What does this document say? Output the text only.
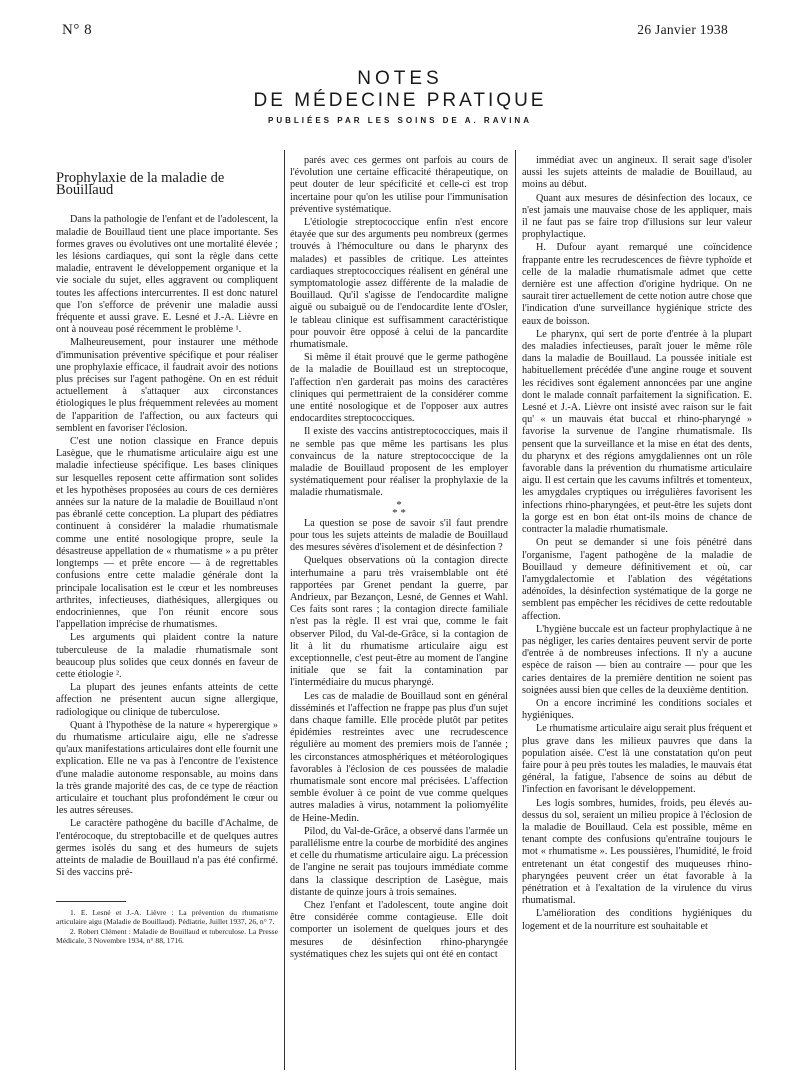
N° 8	26 Janvier 1938
NOTES
DE MÉDECINE PRATIQUE
PUBLIÉES PAR LES SOINS DE A. RAVINA
Prophylaxie de la maladie de Bouillaud

Dans la pathologie de l'enfant et de l'adolescent, la maladie de Bouillaud tient une place importante. Ses formes graves ou évolutives ont une mortalité élevée ; les lésions cardiaques, qui sont la règle dans cette maladie, entravent le développement organique et la vie sociale du sujet, elles aggravent ou compliquent toutes les affections intercurrentes. Il est donc naturel que l'on s'efforce de prévenir une maladie aussi fréquente et aussi grave. E. Lesné et J.-A. Lièvre en ont à nouveau posé récemment le problème ¹.

Malheureusement, pour instaurer une méthode d'immunisation préventive spécifique et pour réaliser une prophylaxie efficace, il faudrait avoir des notions plus précises sur l'agent pathogène. On en est réduit actuellement à s'attaquer aux circonstances étiologiques le plus fréquemment relevées au moment de l'apparition de l'affection, ou aux facteurs qui semblent en favoriser l'éclosion.

C'est une notion classique en France depuis Lasègue, que le rhumatisme articulaire aigu est une maladie infectieuse spécifique. Les bases cliniques sur lesquelles reposent cette affirmation sont solides et les hypothèses proposées au cours de ces dernières années sur la nature de la maladie de Bouillaud n'ont pas ébranlé cette conception. La plupart des pédiatres continuent à considérer la maladie rhumatismale comme une entité nosologique propre, seule la désastreuse appellation de « rhumatisme » a pu prêter longtemps — et prête encore — à de regrettables confusions entre cette maladie générale dont la principale localisation est le cœur et les nombreuses arthrites, infectieuses, diathésiques, allergiques ou endocriniennes, que l'on réunit encore sous l'appellation imprécise de rhumatismes.

Les arguments qui plaident contre la nature tuberculeuse de la maladie rhumatismale sont beaucoup plus solides que ceux donnés en faveur de cette étiologie ².

La plupart des jeunes enfants atteints de cette affection ne présentent aucun signe allergique, radiologique ou clinique de tuberculose.

Quant à l'hypothèse de la nature « hyperergique » du rhumatisme articulaire aigu, elle ne s'adresse qu'aux manifestations articulaires dont elle fournit une explication. Elle ne va pas à l'encontre de l'existence d'une maladie autonome responsable, au moins dans la très grande majorité des cas, de ce type de réaction articulaire et touchant plus profondément le cœur ou les autres séreuses.

Le caractère pathogène du bacille d'Achalme, de l'entérocoque, du streptobacille et de quelques autres germes isolés du sang et des humeurs de sujets atteints de maladie de Bouillaud n'a pas été confirmé. Si des vaccins pré-

1. E. Lesné et J.-A. Lièvre : La prévention du rhumatisme articulaire aigu (Maladie de Bouillaud). Pédiatrie, Juillet 1937, 26, n° 7.

2. Robert Clément : Maladie de Bouillaud et tuberculose. La Presse Médicale, 3 Novembre 1934, n° 88, 1716.

parés avec ces germes ont parfois au cours de l'évolution une certaine efficacité thérapeutique, on peut douter de leur spécificité et celle-ci est trop incertaine pour qu'on les utilise pour l'immunisation préventive systématique.

L'étiologie streptococcique enfin n'est encore étayée que sur des arguments peu nombreux (germes trouvés à l'hémoculture ou dans le pharynx des malades) et passibles de critique. Les atteintes cardiaques streptococciques réalisent en général une symptomatologie assez différente de la maladie de Bouillaud. Qu'il s'agisse de l'endocardite maligne aiguë ou subaiguë ou de l'endocardite lente d'Osler, le tableau clinique est suffisamment caractéristique pour pouvoir être opposé à celui de la pancardite rhumatismale.

Si même il était prouvé que le germe pathogène de la maladie de Bouillaud est un streptocoque, l'affection n'en garderait pas moins des caractères cliniques qui permettraient de la considérer comme une entité nosologique et de l'opposer aux autres endocardites streptococciques.

Il existe des vaccins antistreptococciques, mais il ne semble pas que même les partisans les plus convaincus de la nature streptococcique de la maladie de Bouillaud proposent de les employer systématiquement pour réaliser la prophylaxie de la maladie rhumatismale.

*
* *

La question se pose de savoir s'il faut prendre pour tous les sujets atteints de maladie de Bouillaud des mesures sévères d'isolement et de désinfection ?

Quelques observations où la contagion directe interhumaine a paru très vraisemblable ont été rapportées par Grenet pendant la guerre, par Andrieux, par Bezançon, Lesné, de Gennes et Wahl. Ces faits sont rares ; la contagion directe familiale n'est pas la règle. Il est vrai que, comme le fait observer Pilod, du Val-de-Grâce, si la contagion de lit à lit du rhumatisme articulaire aigu est exceptionnelle, c'est peut-être au moment de l'angine initiale que se fait la contamination par l'intermédiaire du mucus pharyngé.

Les cas de maladie de Bouillaud sont en général disséminés et l'affection ne frappe pas plus d'un sujet dans chaque famille. Elle procède plutôt par petites épidémies restreintes avec une recrudescence régulière au moment des premiers mois de l'année ; les circonstances atmosphériques et météorologiques favorables à l'éclosion de ces poussées de maladie rhumatismale sont encore mal précisées. L'affection semble évoluer à ce point de vue comme quelques autres maladies à virus, notamment la poliomyélite de Heine-Medin.

Pilod, du Val-de-Grâce, a observé dans l'armée un parallélisme entre la courbe de morbidité des angines et celle du rhumatisme articulaire aigu. La précession de l'angine ne serait pas toujours immédiate comme dans la classique description de Lasègue, mais distante de quinze jours à trois semaines.

Chez l'enfant et l'adolescent, toute angine doit être considérée comme contagieuse. Elle doit comporter un isolement de quelques jours et des mesures de désinfection rhino-pharyngée systématiques chez les sujets qui ont été en contact

immédiat avec un angineux. Il serait sage d'isoler aussi les sujets atteints de maladie de Bouillaud, au moins au début.

Quant aux mesures de désinfection des locaux, ce n'est jamais une mauvaise chose de les appliquer, mais il ne faut pas se faire trop d'illusions sur leur valeur prophylactique.

H. Dufour ayant remarqué une coïncidence frappante entre les recrudescences de fièvre typhoïde et celle de la maladie rhumatismale admet que cette dernière est une affection d'origine hydrique. On ne saurait tirer actuellement de cette notion autre chose que l'indication d'une surveillance hygiénique stricte des eaux de boisson.

Le pharynx, qui sert de porte d'entrée à la plupart des maladies infectieuses, paraît jouer le même rôle dans la maladie de Bouillaud. La poussée initiale est habituellement précédée d'une angine rouge et souvent les récidives sont également annoncées par une angine dont le malade connaît parfaitement la signification. E. Lesné et J.-A. Lièvre ont insisté avec raison sur le fait qu' « un mauvais état buccal et rhino-pharyngé » favorise la survenue de l'angine rhumatismale. Ils pensent que la surveillance et la mise en état des dents, du pharynx et des régions amygdaliennes ont un rôle favorable dans la prévention du rhumatisme articulaire aigu. Il est certain que les cavums infiltrés et tomenteux, les amygdales cryptiques ou irrégulières favorisent les infections rhino-pharyngées, et peut-être les sujets dont la gorge est en bon état ont-ils moins de chance de contracter la maladie rhumatismale.

On peut se demander si une fois pénétré dans l'organisme, l'agent pathogène de la maladie de Bouillaud y demeure définitivement et où, car l'amygdalectomie et l'ablation des végétations adénoïdes, la désinfection systématique de la gorge ne semblent pas empêcher les récidives de cette redoutable affection.

L'hygiène buccale est un facteur prophylactique à ne pas négliger, les caries dentaires peuvent servir de porte d'entrée à de nombreuses infections. Il n'y a aucune espèce de raison — bien au contraire — pour que les caries dentaires de la première dentition ne soient pas soignées aussi bien que celles de la deuxième dentition.

On a encore incriminé les conditions sociales et hygiéniques.

Le rhumatisme articulaire aigu serait plus fréquent et plus grave dans les milieux pauvres que dans la population aisée. C'est là une constatation qu'on peut faire pour à peu près toutes les maladies, le mauvais état général, la fatigue, l'absence de soins au début de l'infection en favorisant le développement.

Les logis sombres, humides, froids, peu élevés au-dessus du sol, seraient un milieu propice à l'éclosion de la maladie de Bouillaud. Cela est possible, même en tenant compte des confusions qu'entraîne toujours le mot « rhumatisme ». Les poussières, l'humidité, le froid entretenant un état congestif des muqueuses rhino-pharyngées peuvent créer un état favorable à la pénétration et à l'exaltation de la virulence du virus rhumatismal.

L'amélioration des conditions hygiéniques du logement et de la nourriture est souhaitable et
